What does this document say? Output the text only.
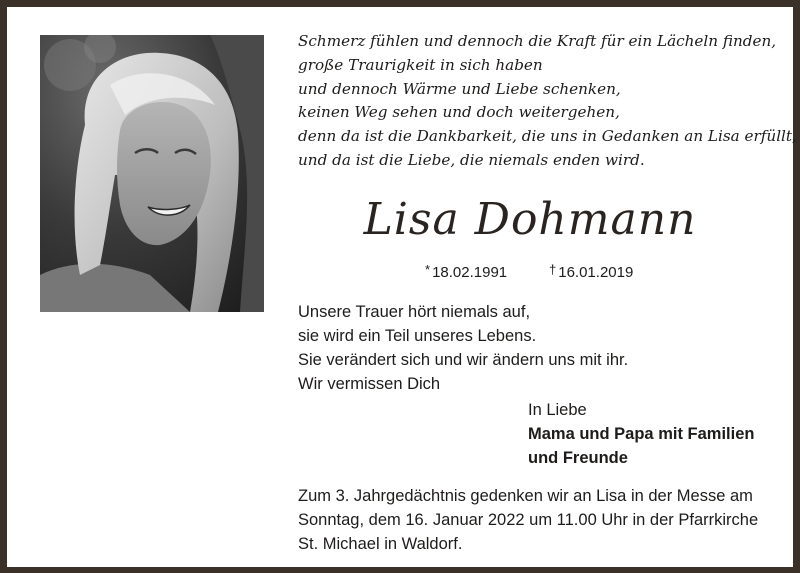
Schmerz fühlen und dennoch die Kraft für ein Lächeln finden,
große Traurigkeit in sich haben
und dennoch Wärme und Liebe schenken,
keinen Weg sehen und doch weitergehen,
denn da ist die Dankbarkeit, die uns in Gedanken an Lisa erfüllt,
und da ist die Liebe, die niemals enden wird.
Lisa Dohmann
* 18.02.1991	† 16.01.2019
Unsere Trauer hört niemals auf,
sie wird ein Teil unseres Lebens.
Sie verändert sich und wir ändern uns mit ihr.
Wir vermissen Dich
In Liebe
Mama und Papa mit Familien
und Freunde
Zum 3. Jahrgedächtnis gedenken wir an Lisa in der Messe am
Sonntag, dem 16. Januar 2022 um 11.00 Uhr in der Pfarrkirche
St. Michael in Waldorf.
